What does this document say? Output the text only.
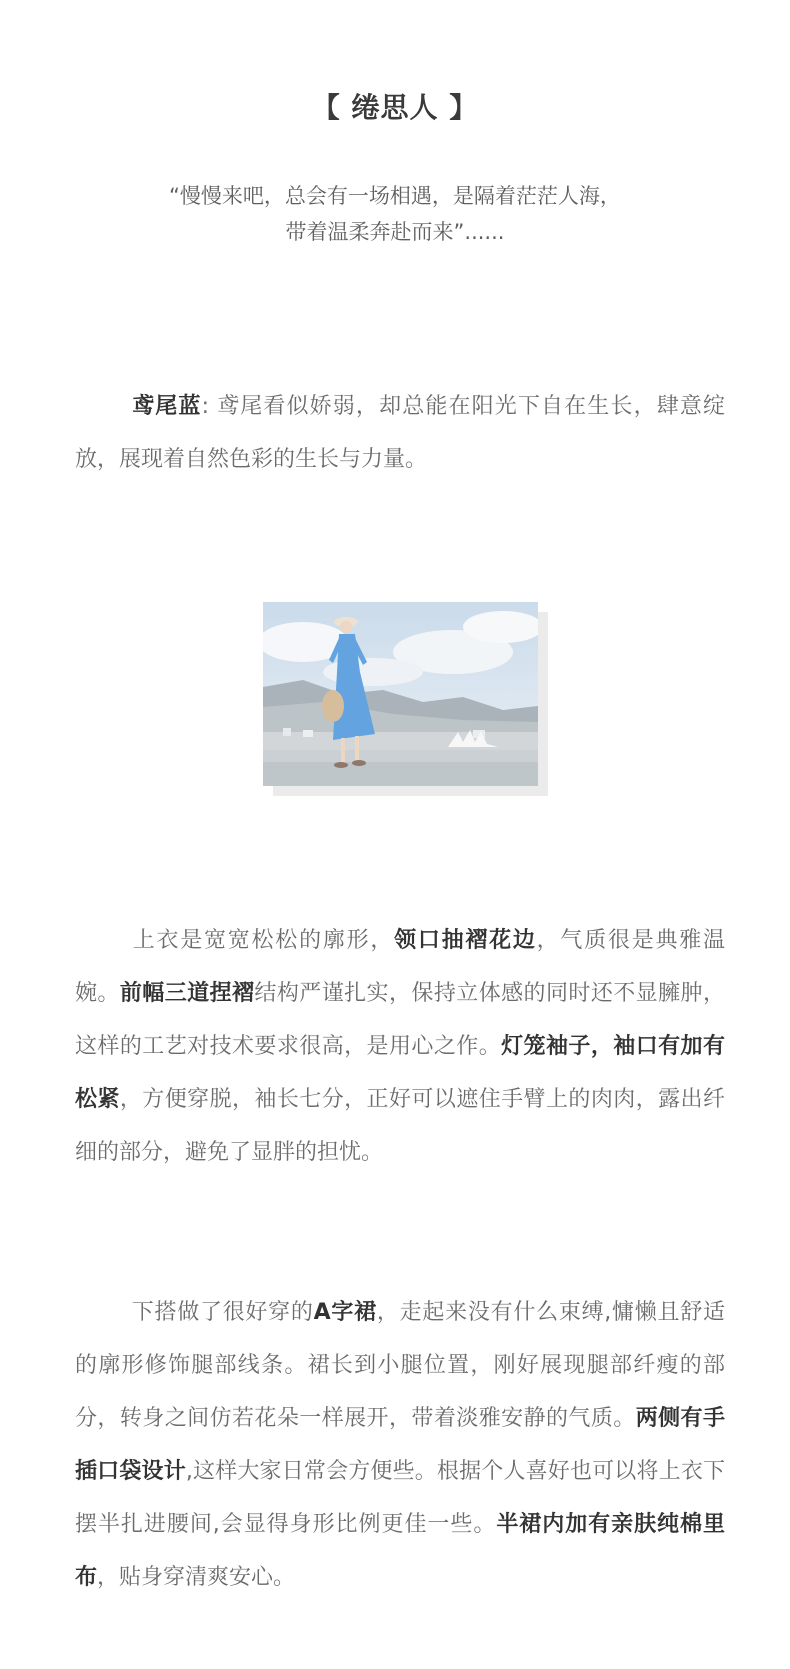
【 绻思人 】
“慢慢来吧，总会有一场相遇，是隔着茫茫人海，
带着温柔奔赴而来”......
鸢尾蓝: 鸢尾看似娇弱，却总能在阳光下自在生长，肆意绽放，展现着自然色彩的生长与力量。
上衣是宽宽松松的廓形，领口抽褶花边，气质很是典雅温婉。前幅三道捏褶结构严谨扎实，保持立体感的同时还不显臃肿，这样的工艺对技术要求很高，是用心之作。灯笼袖子，袖口有加有松紧，方便穿脱，袖长七分，正好可以遮住手臂上的肉肉，露出纤细的部分，避免了显胖的担忧。
下搭做了很好穿的A字裙，走起来没有什么束缚,慵懒且舒适的廓形修饰腿部线条。裙长到小腿位置，刚好展现腿部纤瘦的部分，转身之间仿若花朵一样展开，带着淡雅安静的气质。两侧有手插口袋设计,这样大家日常会方便些。根据个人喜好也可以将上衣下摆半扎进腰间,会显得身形比例更佳一些。半裙内加有亲肤纯棉里布，贴身穿清爽安心。
